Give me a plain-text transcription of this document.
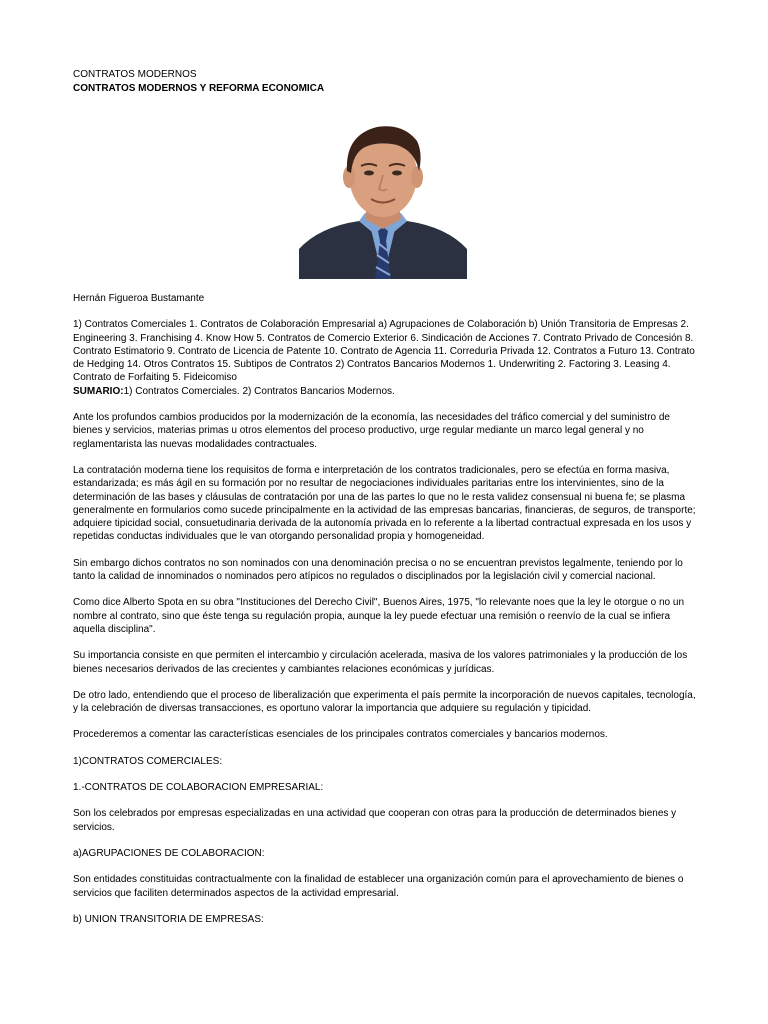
CONTRATOS MODERNOS

CONTRATOS MODERNOS Y REFORMA ECONOMICA

Hernán Figueroa Bustamante

1) Contratos Comerciales 1. Contratos de Colaboración Empresarial a) Agrupaciones de Colaboración b) Unión Transitoria de Empresas 2. Engineering 3. Franchising 4. Know How 5. Contratos de Comercio Exterior 6. Sindicación de Acciones 7. Contrato Privado de Concesión 8. Contrato Estimatorio 9. Contrato de Licencia de Patente 10. Contrato de Agencia 11. Corredurìa Privada 12. Contratos a Futuro 13. Contrato de Hedging 14. Otros Contratos 15. Subtipos de Contratos 2) Contratos Bancarios Modernos 1. Underwriting 2. Factoring 3. Leasing 4. Contrato de Forfaiting 5. Fideicomiso

SUMARIO:1) Contratos Comerciales. 2) Contratos Bancarios Modernos.

Ante los profundos cambios producidos por la modernización de la economía, las necesidades del tráfico comercial y del suministro de bienes y servicios, materias primas u otros elementos del proceso productivo, urge regular mediante un marco legal general y no reglamentarista las nuevas modalidades contractuales.

La contratación moderna tiene los requisitos de forma e interpretación de los contratos tradicionales, pero se efectúa en forma masiva, estandarizada; es más ágil en su formación por no resultar de negociaciones individuales paritarias entre los intervinientes, sino de la determinación de las bases y cláusulas de contratación por una de las partes lo que no le resta validez consensual ni buena fe; se plasma generalmente en formularios como sucede principalmente en la actividad de las empresas bancarias, financieras, de seguros, de transporte; adquiere tipicidad social, consuetudinaria derivada de la autonomía privada en lo referente a la libertad contractual expresada en los usos y repetidas conductas individuales que le van otorgando personalidad propia y homogeneidad.

Sin embargo dichos contratos no son nominados con una denominación precisa o no se encuentran previstos legalmente, teniendo por lo tanto la calidad de innominados o nominados pero atípicos no regulados o disciplinados por la legislación civil y comercial nacional.

Como dice Alberto Spota en su obra "Instituciones del Derecho Civil", Buenos Aires, 1975, "lo relevante noes que la ley le otorgue o no un nombre al contrato, sino que éste tenga su regulación propia, aunque la ley puede efectuar una remisión o reenvío de la cual se infiera aquella disciplina".

Su importancia consiste en que permiten el intercambio y circulación acelerada, masiva de los valores patrimoniales y la producción de los bienes necesarios derivados de las crecientes y cambiantes relaciones económicas y jurídicas.

De otro lado, entendiendo que el proceso de liberalización que experimenta el país permite la incorporación de nuevos capitales, tecnología, y la celebración de diversas transacciones, es oportuno valorar la importancia que adquiere su regulación y tipicidad.

Procederemos a comentar las características esenciales de los principales contratos comerciales y bancarios modernos.

1)CONTRATOS COMERCIALES:

1.-CONTRATOS DE COLABORACION EMPRESARIAL:

Son los celebrados por empresas especializadas en una actividad que cooperan con otras para la producción de determinados bienes y servicios.

a)AGRUPACIONES DE COLABORACION:

Son entidades constituidas contractualmente con la finalidad de establecer una organización común para el aprovechamiento de bienes o servicios que faciliten determinados aspectos de la actividad empresarial.

b) UNION TRANSITORIA DE EMPRESAS:
